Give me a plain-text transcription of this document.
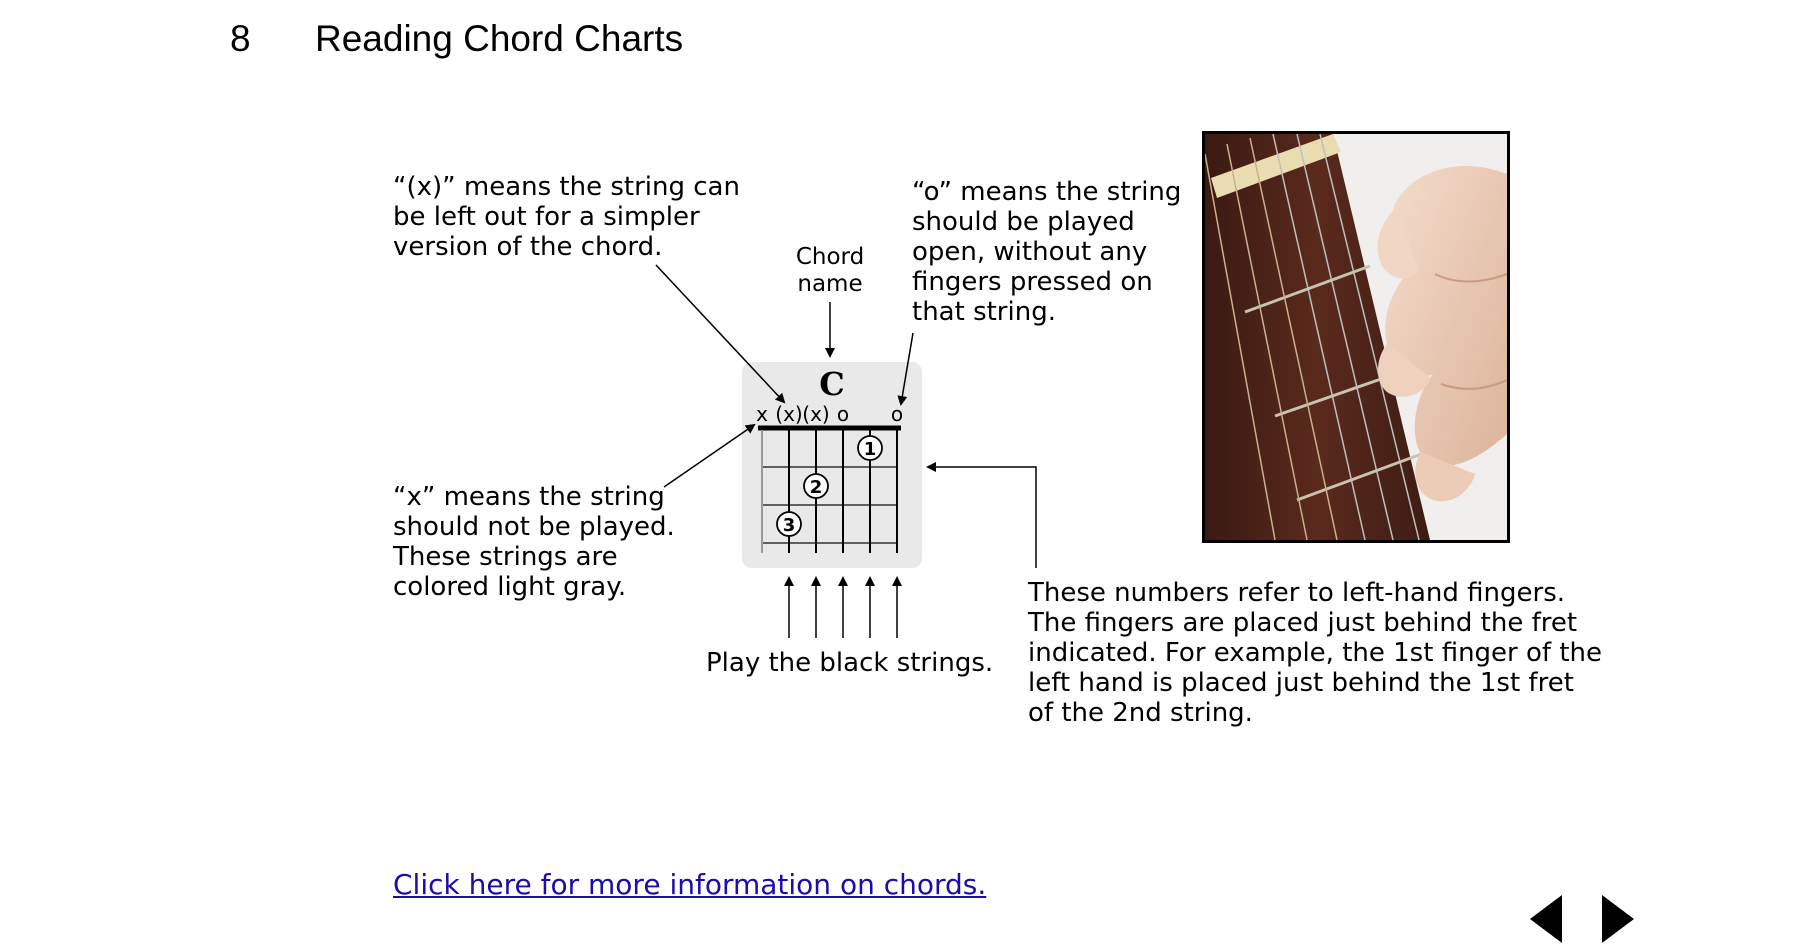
8 Reading Chord Charts
“(x)” means the string can
be left out for a simpler
version of the chord.
“x” means the string
should not be played.
These strings are
colored light gray.
“o” means the string
should be played
open, without any
fingers pressed on
that string.
These numbers refer to left-hand fingers.
The fingers are placed just behind the fret
indicated. For example, the 1st finger of the
left hand is placed just behind the 1st fret
of the 2nd string.
Play the black strings.
Chord
name
C
x (x) (x) o o
1
2
3
Click here for more information on chords.
